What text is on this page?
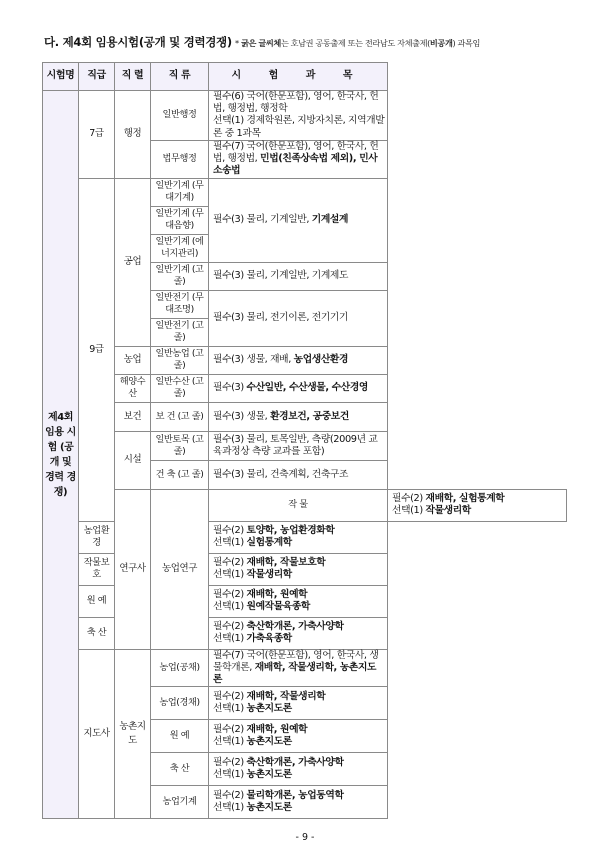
다. 제4회 임용시험(공개 및 경력경쟁) * 굵은 글씨체는 호남권 공동출제 또는 전라남도 자체출제(비공개) 과목임
시험명	직급	직 렬	직 류	시 험 과 목	
제4회 임용 시험 (공개 및 경력 경쟁)	7급	행정	일반행정	필수(6) 국어(한문포함), 영어, 한국사, 헌법, 행정법, 행정학
선택(1) 경제학원론, 지방자치론, 지역개발론 중 1과목	

			법무행정	필수(7) 국어(한문포함), 영어, 한국사, 헌법, 행정법, 민법(친족상속법 제외), 민사소송법	
	9급	공업	일반기계 (무대기계)	필수(3) 물리, 기계일반, 기계설계	
			일반기계 (무대음향)		
			일반기계 (에너지관리)		
			일반기계 (고 졸)	필수(3) 물리, 기계일반, 기계제도	
			일반전기 (무대조명)	필수(3) 물리, 전기이론, 전기기기	
			일반전기 (고 졸)		
		농업	일반농업 (고 졸)	필수(3) 생물, 재배, 농업생산환경	
		해양수산	일반수산 (고 졸)	필수(3) 수산일반, 수산생물, 수산경영	
		보건	보 건 (고 졸)	필수(3) 생물, 환경보건, 공중보건	
		시설	일반토목 (고 졸)	필수(3) 물리, 토목일반, 측량(2009년 교육과정상 측량 교과를 포함)	
			건 축 (고 졸)	필수(3) 물리, 건축계획, 건축구조	
		연구사	농업연구	작 물	필수(2) 재배학, 실험통계학
선택(1) 작물생리학

	농업환경			필수(2) 토양학, 농업환경화학
선택(1) 실험통계학	

	작물보호			필수(2) 재배학, 작물보호학
선택(1) 작물생리학	

	원 예			필수(2) 재배학, 원예학
선택(1) 원예작물육종학	

	축 산			필수(2) 축산학개론, 가축사양학
선택(1) 가축육종학	

	지도사	농촌지도	농업(공채)	필수(7) 국어(한문포함), 영어, 한국사, 생물학개론, 재배학, 작물생리학, 농촌지도론	
			농업(경채)	필수(2) 재배학, 작물생리학
선택(1) 농촌지도론	

			원 예	필수(2) 재배학, 원예학
선택(1) 농촌지도론	

			축 산	필수(2) 축산학개론, 가축사양학
선택(1) 농촌지도론	

			농업기계	필수(2) 물리학개론, 농업동역학
선택(1) 농촌지도론	
- 9 -
